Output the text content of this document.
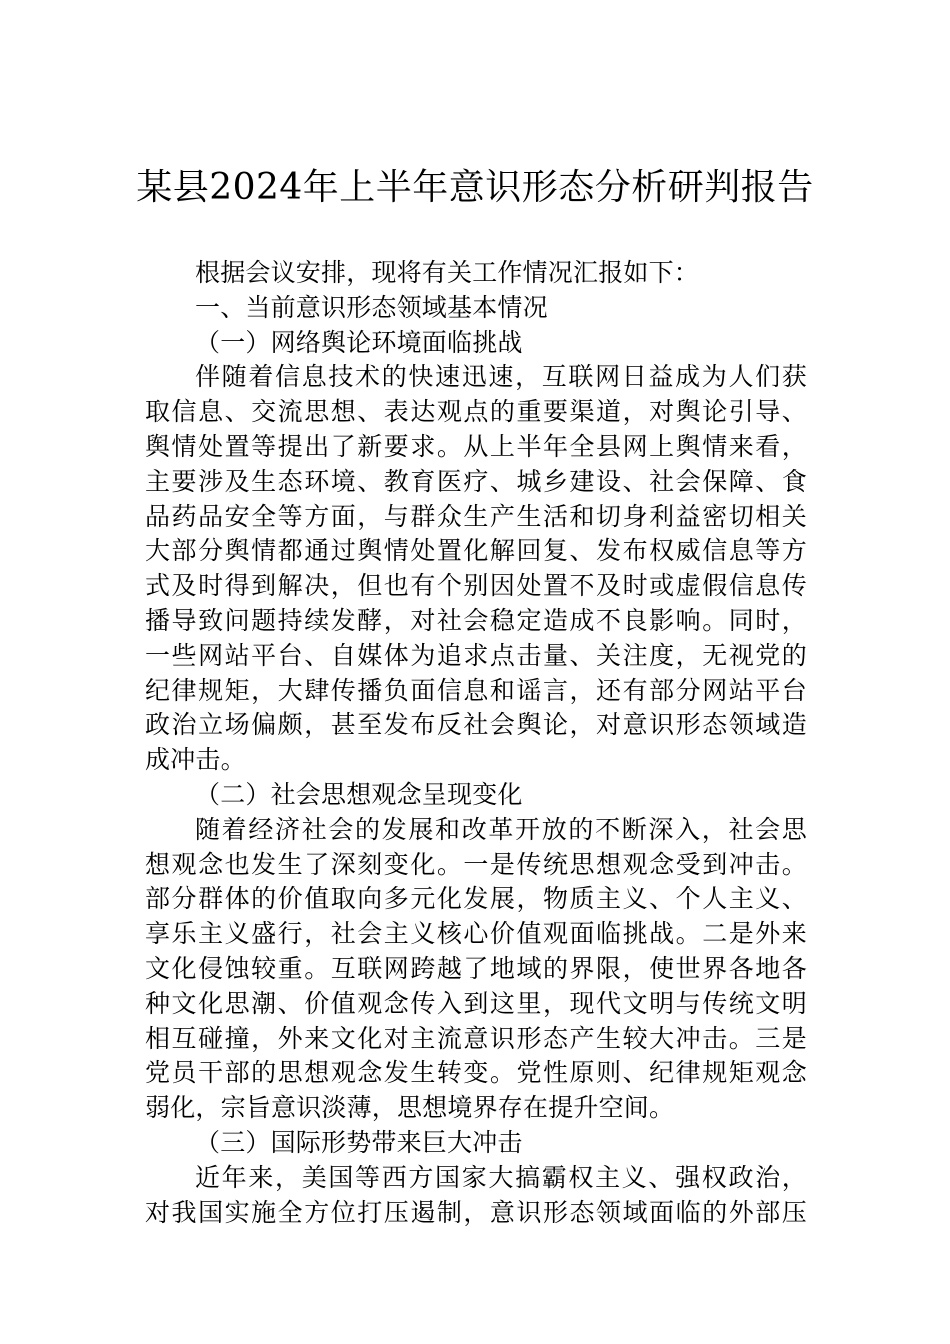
某县2024年上半年意识形态分析研判报告
根据会议安排，现将有关工作情况汇报如下：
一、当前意识形态领域基本情况
（一）网络舆论环境面临挑战
伴随着信息技术的快速迅速，互联网日益成为人们获
取信息、交流思想、表达观点的重要渠道，对舆论引导、
舆情处置等提出了新要求。从上半年全县网上舆情来看，
主要涉及生态环境、教育医疗、城乡建设、社会保障、食
品药品安全等方面，与群众生产生活和切身利益密切相关
大部分舆情都通过舆情处置化解回复、发布权威信息等方
式及时得到解决，但也有个别因处置不及时或虚假信息传
播导致问题持续发酵，对社会稳定造成不良影响。同时，
一些网站平台、自媒体为追求点击量、关注度，无视党的
纪律规矩，大肆传播负面信息和谣言，还有部分网站平台
政治立场偏颇，甚至发布反社会舆论，对意识形态领域造
成冲击。
（二）社会思想观念呈现变化
随着经济社会的发展和改革开放的不断深入，社会思
想观念也发生了深刻变化。一是传统思想观念受到冲击。
部分群体的价值取向多元化发展，物质主义、个人主义、
享乐主义盛行，社会主义核心价值观面临挑战。二是外来
文化侵蚀较重。互联网跨越了地域的界限，使世界各地各
种文化思潮、价值观念传入到这里，现代文明与传统文明
相互碰撞，外来文化对主流意识形态产生较大冲击。三是
党员干部的思想观念发生转变。党性原则、纪律规矩观念
弱化，宗旨意识淡薄，思想境界存在提升空间。
（三）国际形势带来巨大冲击
近年来，美国等西方国家大搞霸权主义、强权政治，
对我国实施全方位打压遏制，意识形态领域面临的外部压
